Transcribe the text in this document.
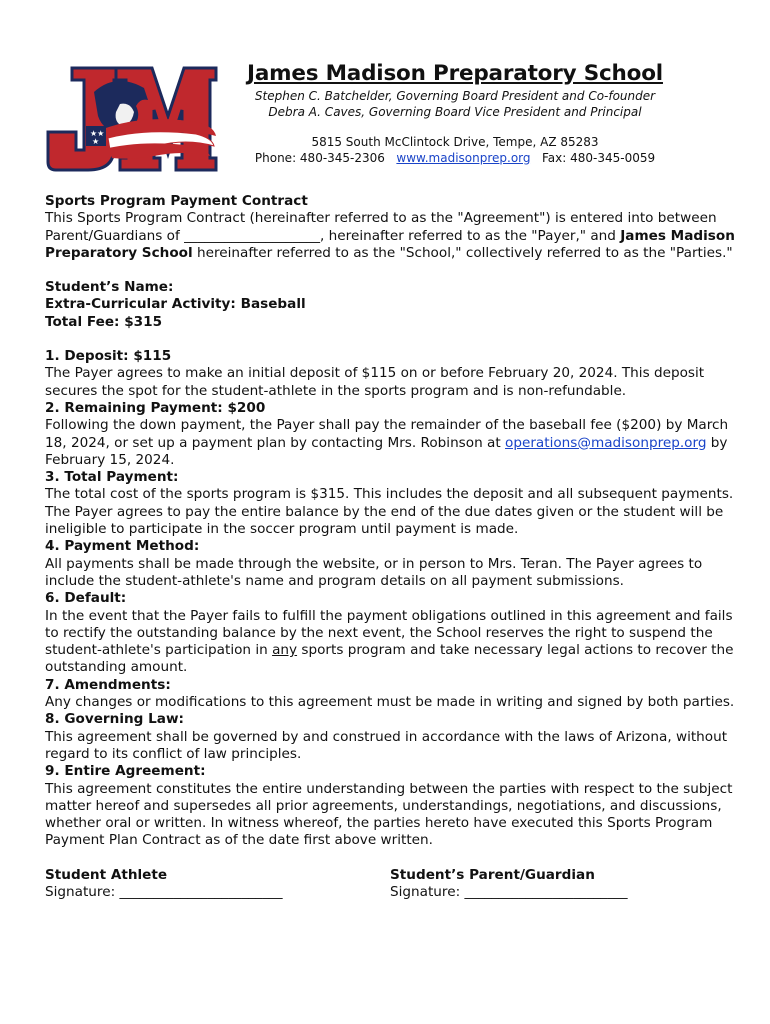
★★
★

James Madison Preparatory School

Stephen C. Batchelder, Governing Board President and Co-founder

Debra A. Caves, Governing Board Vice President and Principal

5815 South McClintock Drive, Tempe, AZ 85283
Phone: 480-345-2306 www.madisonprep.org Fax: 480-345-0059

Sports Program Payment Contract

This Sports Program Contract (hereinafter referred to as the "Agreement") is entered into between Parent/Guardians of ____________________, hereinafter referred to as the "Payer," and James Madison Preparatory School hereinafter referred to as the "School," collectively referred to as the "Parties."

Student’s Name:

Extra-Curricular Activity: Baseball

Total Fee: $315

1. Deposit: $115

The Payer agrees to make an initial deposit of $115 on or before February 20, 2024. This deposit secures the spot for the student-athlete in the sports program and is non-refundable.

2. Remaining Payment: $200

Following the down payment, the Payer shall pay the remainder of the baseball fee ($200) by March 18, 2024, or set up a payment plan by contacting Mrs. Robinson at operations@madisonprep.org by February 15, 2024.

3. Total Payment:

The total cost of the sports program is $315. This includes the deposit and all subsequent payments. The Payer agrees to pay the entire balance by the end of the due dates given or the student will be ineligible to participate in the soccer program until payment is made.

4. Payment Method:

All payments shall be made through the website, or in person to Mrs. Teran. The Payer agrees to include the student-athlete's name and program details on all payment submissions.

6. Default:

In the event that the Payer fails to fulfill the payment obligations outlined in this agreement and fails to rectify the outstanding balance by the next event, the School reserves the right to suspend the student-athlete's participation in any sports program and take necessary legal actions to recover the outstanding amount.

7. Amendments:

Any changes or modifications to this agreement must be made in writing and signed by both parties.

8. Governing Law:

This agreement shall be governed by and construed in accordance with the laws of Arizona, without regard to its conflict of law principles.

9. Entire Agreement:

This agreement constitutes the entire understanding between the parties with respect to the subject matter hereof and supersedes all prior agreements, understandings, negotiations, and discussions, whether oral or written. In witness whereof, the parties hereto have executed this Sports Program Payment Plan Contract as of the date first above written.

Student Athlete

Signature: ________________________

Student’s Parent/Guardian

Signature: ________________________
